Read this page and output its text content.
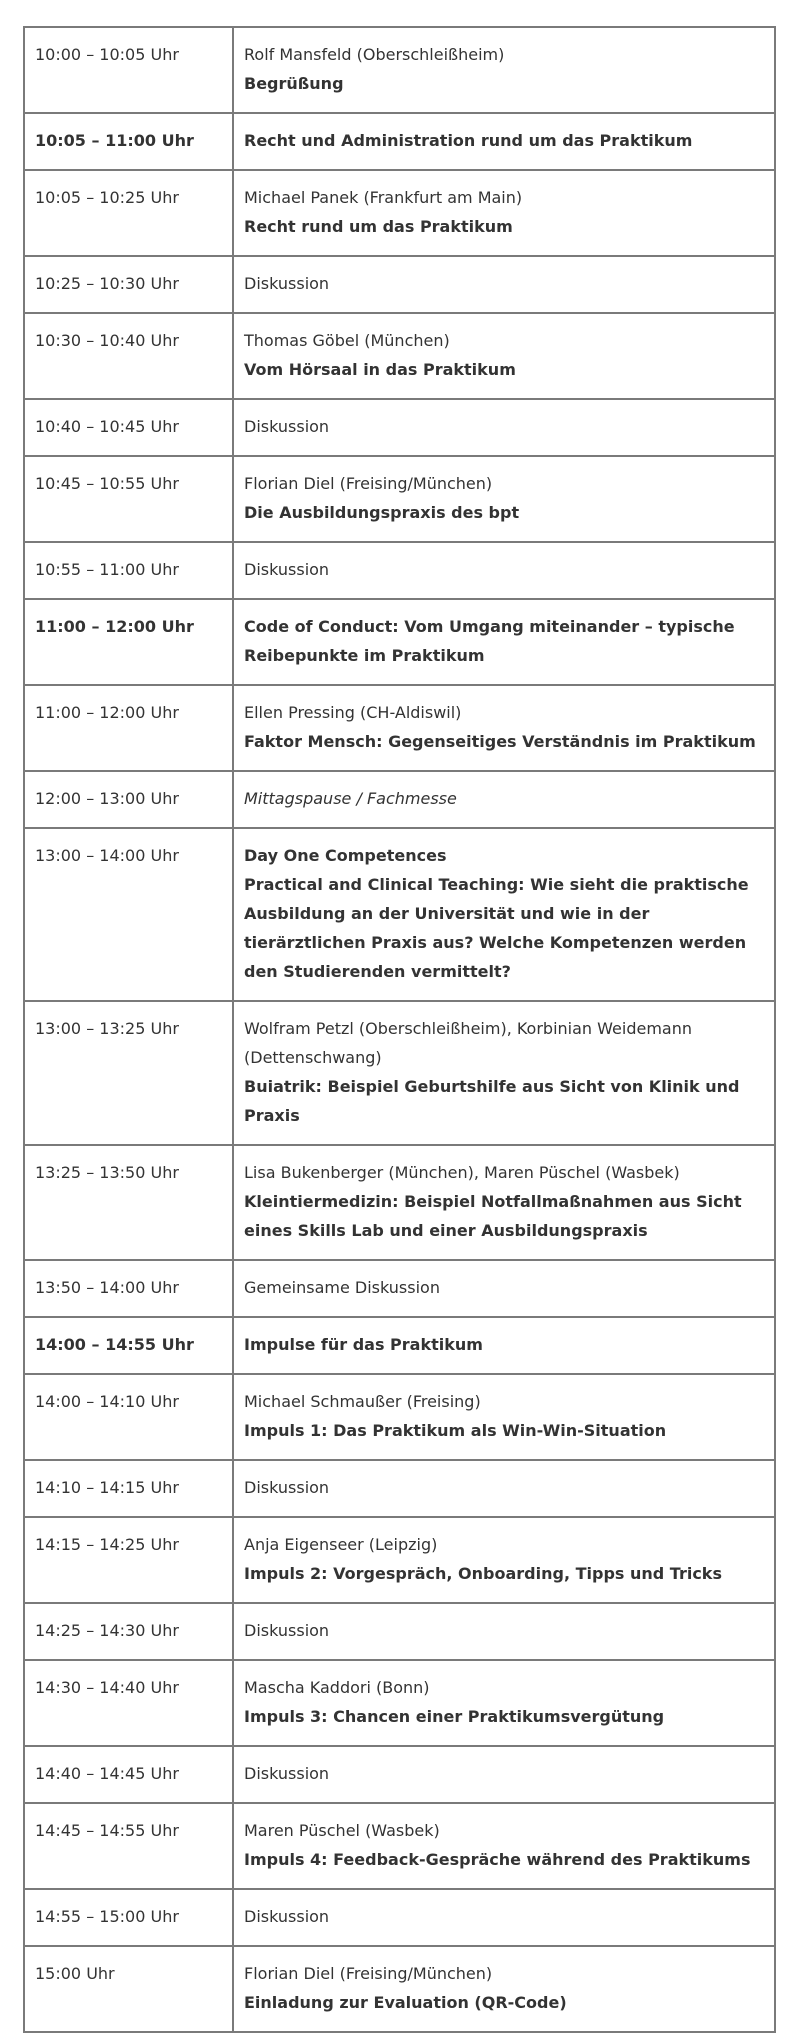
10:00 – 10:05 Uhr	Rolf Mansfeld (Oberschleißheim)
Begrüßung

10:05 – 11:00 Uhr	Recht und Administration rund um das Praktikum

10:05 – 10:25 Uhr	Michael Panek (Frankfurt am Main)
Recht rund um das Praktikum

10:25 – 10:30 Uhr	Diskussion

10:30 – 10:40 Uhr	Thomas Göbel (München)
Vom Hörsaal in das Praktikum

10:40 – 10:45 Uhr	Diskussion

10:45 – 10:55 Uhr	Florian Diel (Freising/München)
Die Ausbildungspraxis des bpt

10:55 – 11:00 Uhr	Diskussion

11:00 – 12:00 Uhr	Code of Conduct: Vom Umgang miteinander – typische Reibepunkte im Praktikum

11:00 – 12:00 Uhr	Ellen Pressing (CH-Aldiswil)
Faktor Mensch: Gegenseitiges Verständnis im Praktikum

12:00 – 13:00 Uhr	Mittagspause / Fachmesse

13:00 – 14:00 Uhr	Day One Competences
Practical and Clinical Teaching: Wie sieht die praktische Ausbildung an der Universität und wie in der tierärztlichen Praxis aus? Welche Kompetenzen werden den Studierenden vermittelt?

13:00 – 13:25 Uhr	Wolfram Petzl (Oberschleißheim), Korbinian Weidemann (Dettenschwang)
Buiatrik: Beispiel Geburtshilfe aus Sicht von Klinik und Praxis

13:25 – 13:50 Uhr	Lisa Bukenberger (München), Maren Püschel (Wasbek)
Kleintiermedizin: Beispiel Notfallmaßnahmen aus Sicht eines Skills Lab und einer Ausbildungspraxis

13:50 – 14:00 Uhr	Gemeinsame Diskussion

14:00 – 14:55 Uhr	Impulse für das Praktikum

14:00 – 14:10 Uhr	Michael Schmaußer (Freising)
Impuls 1: Das Praktikum als Win-Win-Situation

14:10 – 14:15 Uhr	Diskussion

14:15 – 14:25 Uhr	Anja Eigenseer (Leipzig)
Impuls 2: Vorgespräch, Onboarding, Tipps und Tricks

14:25 – 14:30 Uhr	Diskussion

14:30 – 14:40 Uhr	Mascha Kaddori (Bonn)
Impuls 3: Chancen einer Praktikumsvergütung

14:40 – 14:45 Uhr	Diskussion

14:45 – 14:55 Uhr	Maren Püschel (Wasbek)
Impuls 4: Feedback-Gespräche während des Praktikums

14:55 – 15:00 Uhr	Diskussion

15:00 Uhr	Florian Diel (Freising/München)
Einladung zur Evaluation (QR-Code)
